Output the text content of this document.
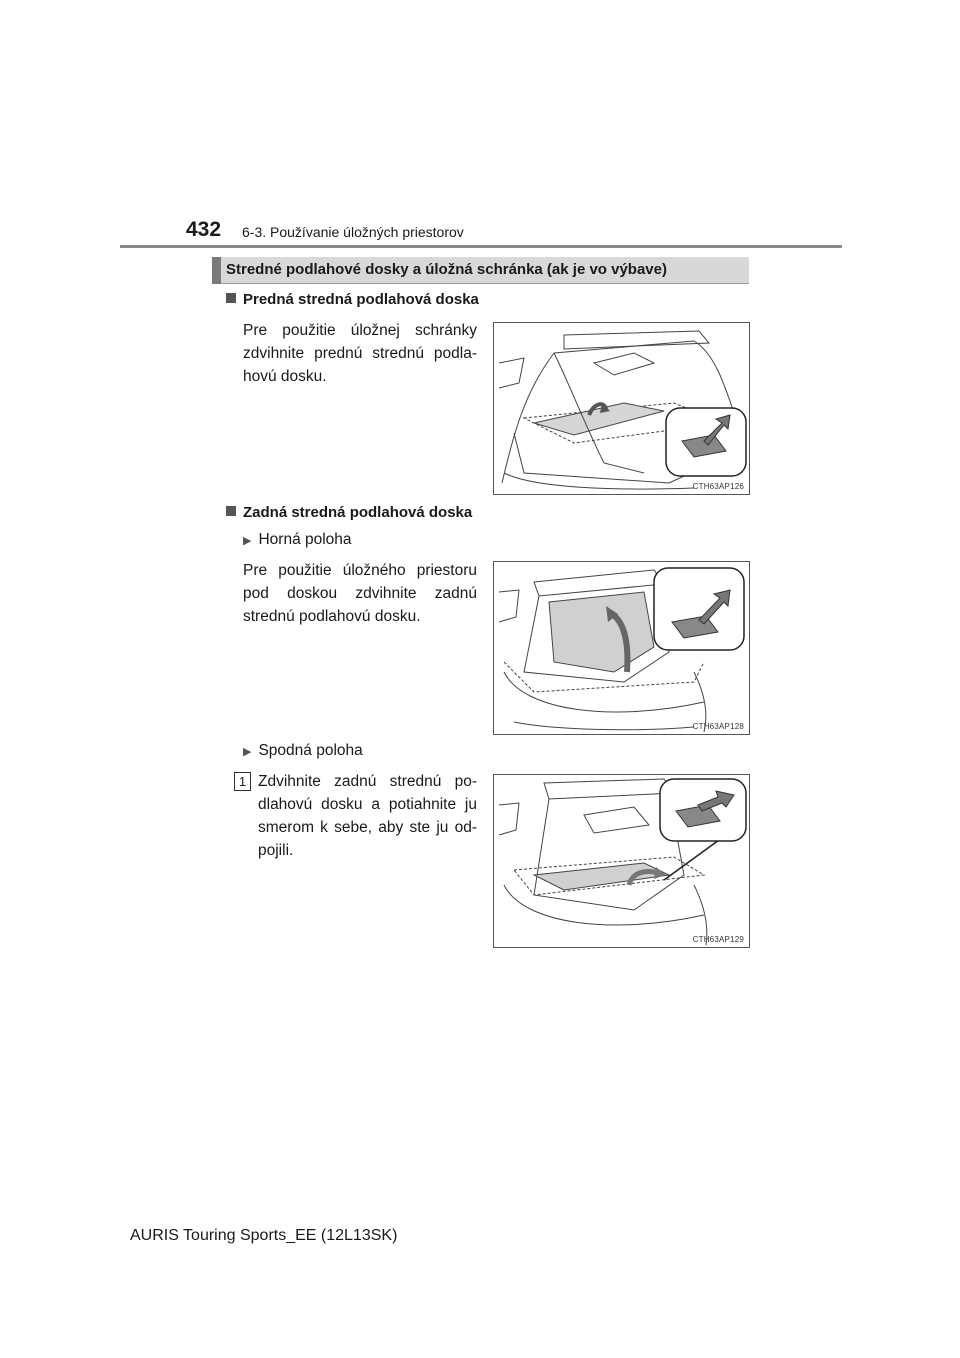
432 6-3. Používanie úložných priestorov
Stredné podlahové dosky a úložná schránka (ak je vo výbave)
Predná stredná podlahová doska
Pre použitie úložnej schránky zdvihnite prednú strednú podla-hovú dosku.
CTH63AP126
Zadná stredná podlahová doska
▶ Horná poloha
Pre použitie úložného priestoru pod doskou zdvihnite zadnú strednú podlahovú dosku.
CTH63AP128
▶ Spodná poloha
1 Zdvihnite zadnú strednú po-dlahovú dosku a potiahnite ju smerom k sebe, aby ste ju od-pojili.
CTH63AP129
AURIS Touring Sports_EE (12L13SK)
